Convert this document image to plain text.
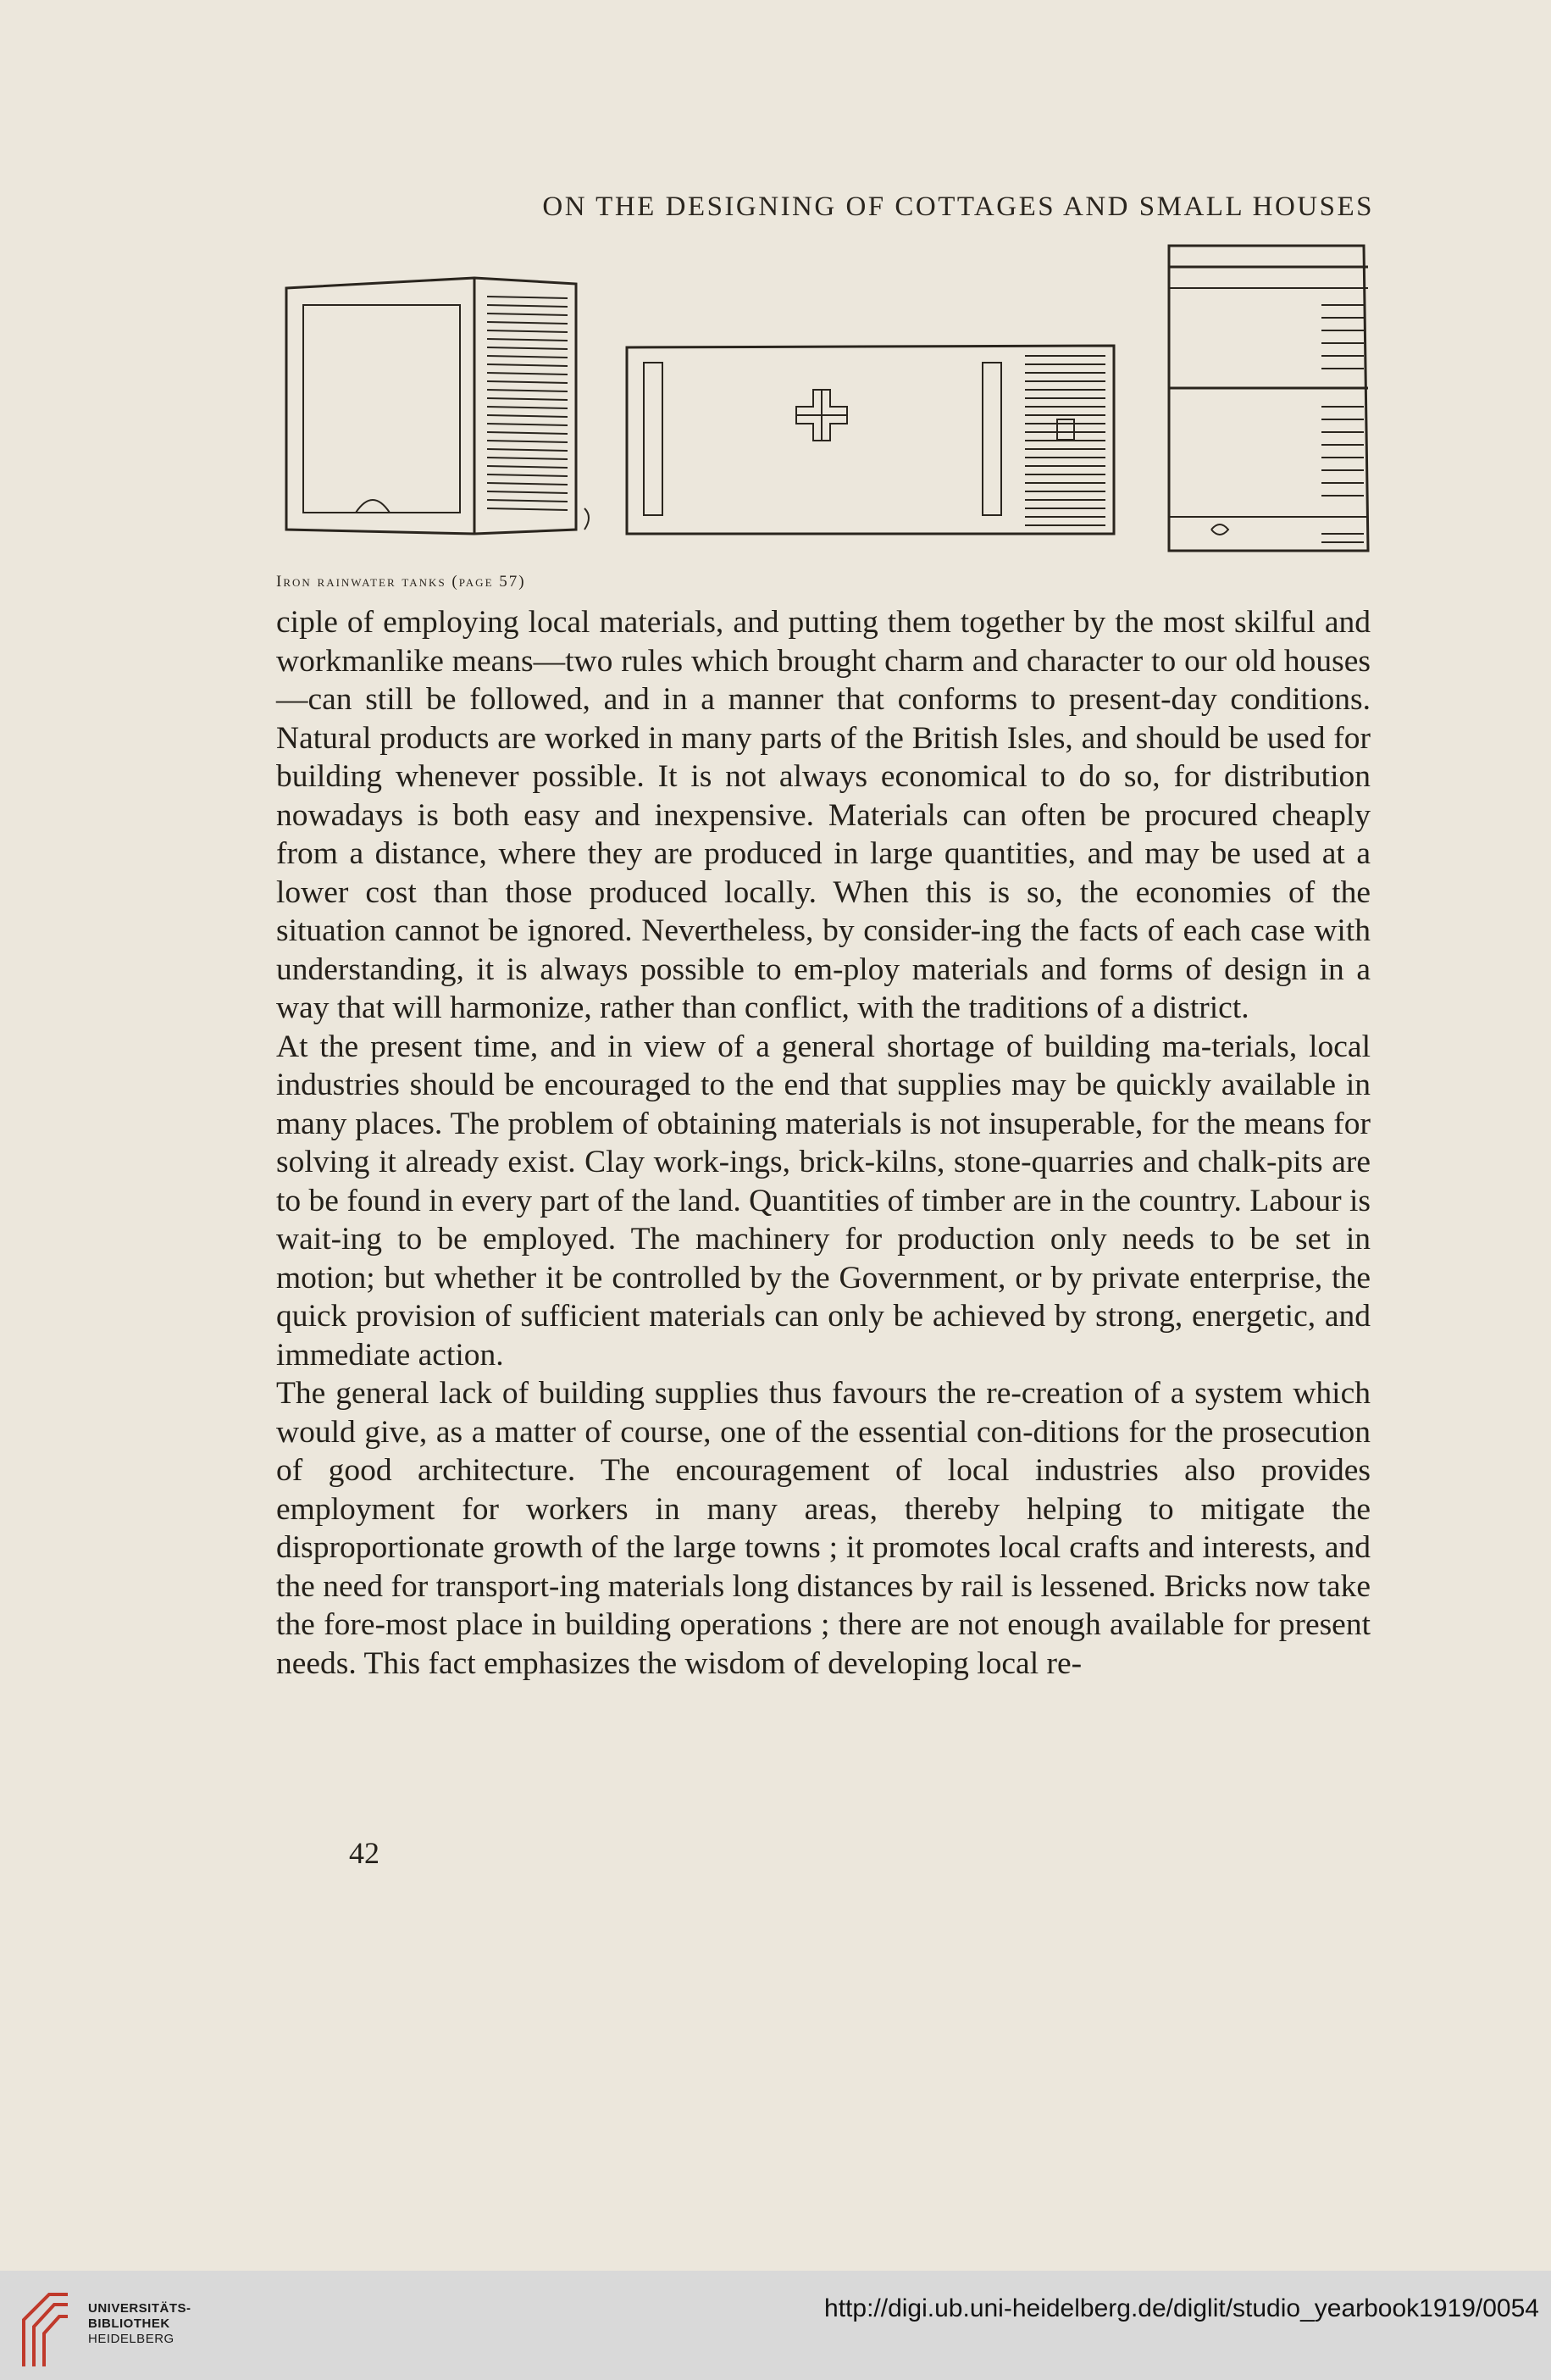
ON THE DESIGNING OF COTTAGES AND SMALL HOUSES
Iron rainwater tanks (page 57)

ciple of employing local materials, and putting them together by the most skilful and workmanlike means—two rules which brought charm and character to our old houses—can still be followed, and in a manner that conforms to present-day conditions. Natural products are worked in many parts of the British Isles, and should be used for building whenever possible. It is not always economical to do so, for distribution nowadays is both easy and inexpensive. Materials can often be procured cheaply from a distance, where they are produced in large quantities, and may be used at a lower cost than those produced locally. When this is so, the economies of the situation cannot be ignored. Nevertheless, by consider-ing the facts of each case with understanding, it is always possible to em-ploy materials and forms of design in a way that will harmonize, rather than conflict, with the traditions of a district.

At the present time, and in view of a general shortage of building ma-terials, local industries should be encouraged to the end that supplies may be quickly available in many places. The problem of obtaining materials is not insuperable, for the means for solving it already exist. Clay work-ings, brick-kilns, stone-quarries and chalk-pits are to be found in every part of the land. Quantities of timber are in the country. Labour is wait-ing to be employed. The machinery for production only needs to be set in motion; but whether it be controlled by the Government, or by private enterprise, the quick provision of sufficient materials can only be achieved by strong, energetic, and immediate action.

The general lack of building supplies thus favours the re-creation of a system which would give, as a matter of course, one of the essential con-ditions for the prosecution of good architecture. The encouragement of local industries also provides employment for workers in many areas, thereby helping to mitigate the disproportionate growth of the large towns ; it promotes local crafts and interests, and the need for transport-ing materials long distances by rail is lessened. Bricks now take the fore-most place in building operations ; there are not enough available for present needs. This fact emphasizes the wisdom of developing local re-

42
UNIVERSITÄTS-
BIBLIOTHEK
HEIDELBERG
http://digi.ub.uni-heidelberg.de/diglit/studio_yearbook1919/0054
